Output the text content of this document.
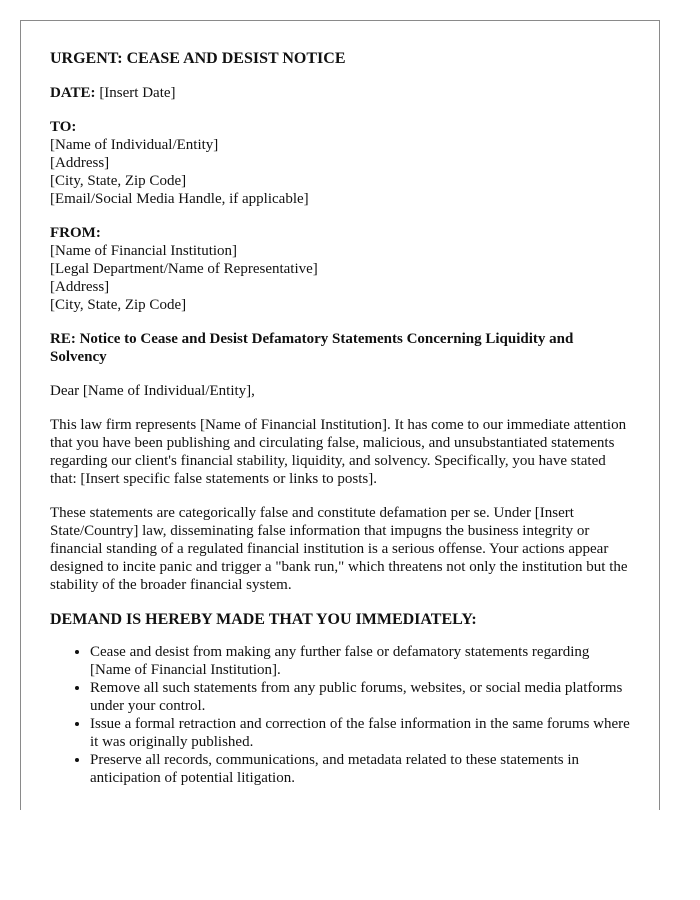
URGENT: CEASE AND DESIST NOTICE
DATE: [Insert Date]
TO:
[Name of Individual/Entity]
[Address]
[City, State, Zip Code]
[Email/Social Media Handle, if applicable]
FROM:
[Name of Financial Institution]
[Legal Department/Name of Representative]
[Address]
[City, State, Zip Code]
RE: Notice to Cease and Desist Defamatory Statements Concerning Liquidity and Solvency
Dear [Name of Individual/Entity],
This law firm represents [Name of Financial Institution]. It has come to our immediate attention that you have been publishing and circulating false, malicious, and unsubstantiated statements regarding our client's financial stability, liquidity, and solvency. Specifically, you have stated that: [Insert specific false statements or links to posts].
These statements are categorically false and constitute defamation per se. Under [Insert State/Country] law, disseminating false information that impugns the business integrity or financial standing of a regulated financial institution is a serious offense. Your actions appear designed to incite panic and trigger a "bank run," which threatens not only the institution but the stability of the broader financial system.
DEMAND IS HEREBY MADE THAT YOU IMMEDIATELY:
• Cease and desist from making any further false or defamatory statements regarding [Name of Financial Institution].
• Remove all such statements from any public forums, websites, or social media platforms under your control.
• Issue a formal retraction and correction of the false information in the same forums where it was originally published.
• Preserve all records, communications, and metadata related to these statements in anticipation of potential litigation.
